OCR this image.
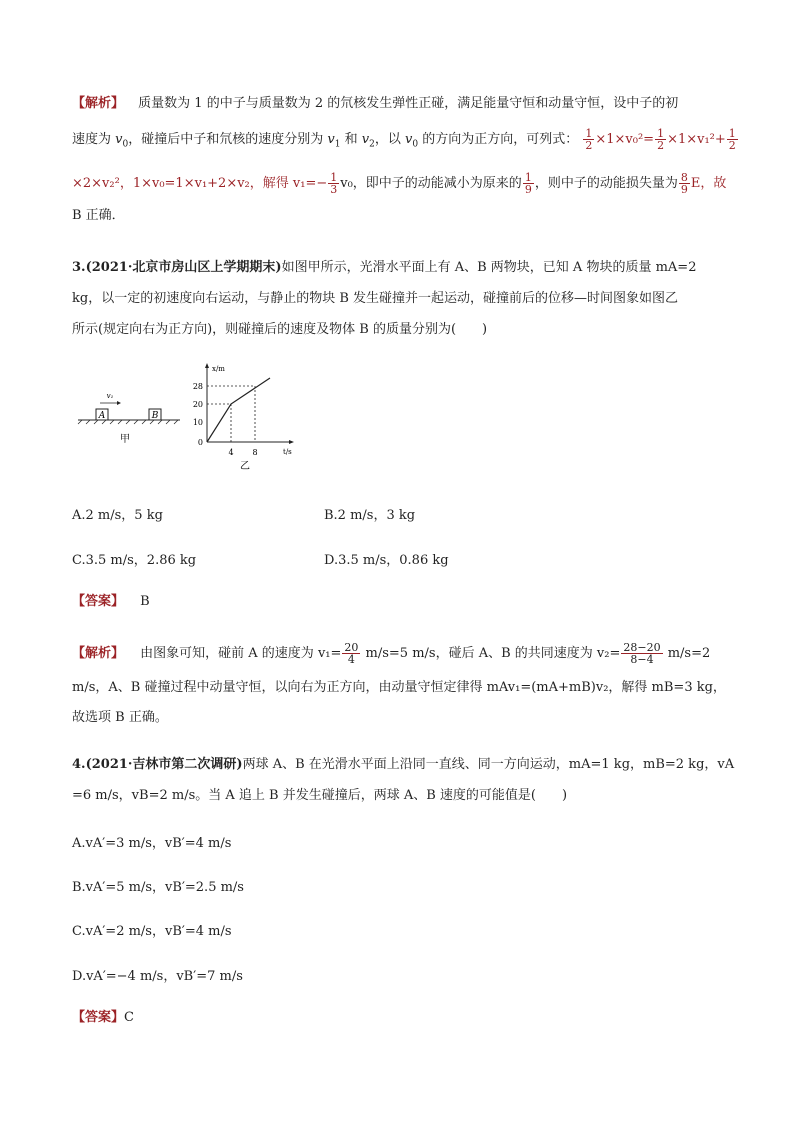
【解析】 质量数为 1 的中子与质量数为 2 的氘核发生弹性正碰，满足能量守恒和动量守恒，设中子的初
速度为 $v_0$，碰撞后中子和氘核的速度分别为 $v_1$ 和 $v_2$，以 $v_0$ 的方向为正方向，可列式： $\frac{1}{2} \times 1\times v_0^2= \frac{1}{2} \times 1\times v_1^2+ \frac{1}{2}$
×2×v₂²，1×v₀=1×v₁+2×v₂，解得 $v_1=- \frac{1}{3} v_0$，即中子的动能减小为原来的 $\frac{1}{9}$ ，则中子的动能损失量为 $\frac{8}{9}$ E，故
B 正确．
3.(2021·北京市房山区上学期期末)如图甲所示，光滑水平面上有 A、B 两物块，已知 A 物块的质量 mA=2
kg，以一定的初速度向右运动，与静止的物块 B 发生碰撞并一起运动，碰撞前后的位移—时间图象如图乙
所示(规定向右为正方向)，则碰撞后的速度及物体 B 的质量分别为(　　)
A	B
v₁
甲
x/m
t/s
28
20
10
0
4 8
乙
A.2 m/s，5 kg	B.2 m/s，3 kg
C.3.5 m/s，2.86 kg	D.3.5 m/s，0.86 kg
【答案】 B
【解析】 由图象可知，碰前 A 的速度为 $v_1= \frac{20}{4} m/s=5$ m/s，碰后 A、B 的共同速度为 $v_2= \frac{28-20}{8-4} m/s=2$
m/s，A、B 碰撞过程中动量守恒，以向右为正方向，由动量守恒定律得 mAv₁=(mA+mB)v₂，解得 mB=3 kg，
故选项 B 正确。
4.(2021·吉林市第二次调研)两球 A、B 在光滑水平面上沿同一直线、同一方向运动，mA=1 kg，mB=2 kg，vA
=6 m/s，vB=2 m/s。当 A 追上 B 并发生碰撞后，两球 A、B 速度的可能值是(　　)
A.vA′=3 m/s，vB′=4 m/s
B.vA′=5 m/s，vB′=2.5 m/s
C.vA′=2 m/s，vB′=4 m/s
D.vA′=−4 m/s，vB′=7 m/s
【答案】C
